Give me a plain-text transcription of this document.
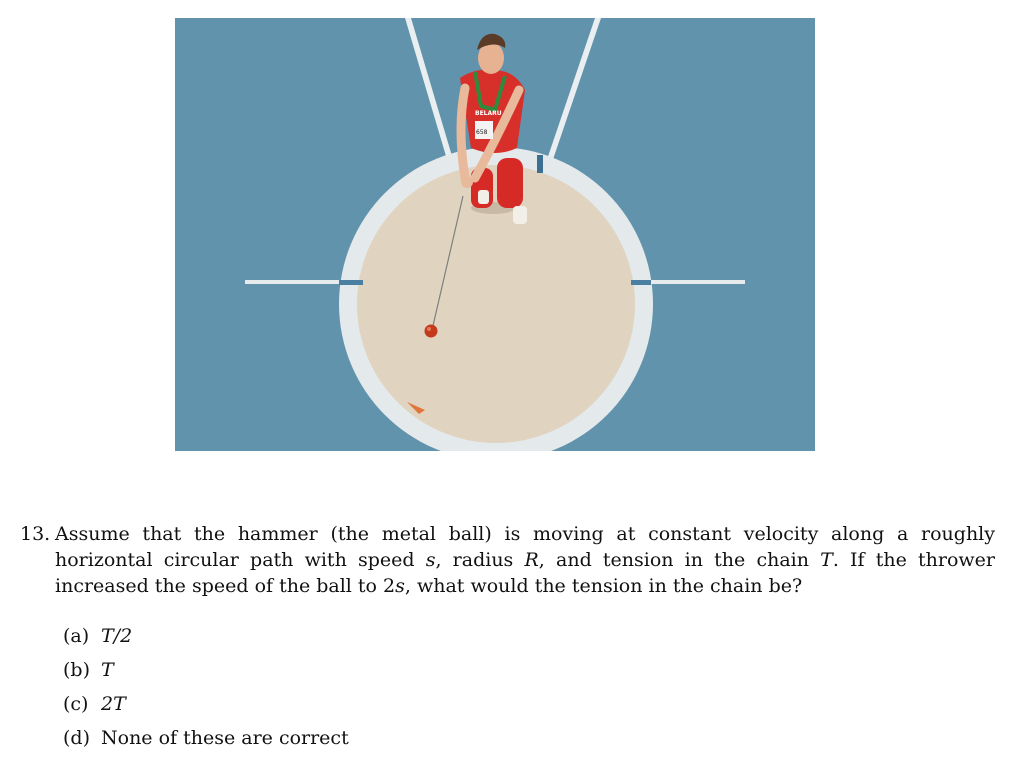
BELARU
658
13. Assume that the hammer (the metal ball) is moving at constant velocity along a roughly horizontal circular path with speed s, radius R, and tension in the chain T. If the thrower increased the speed of the ball to 2s, what would the tension in the chain be?
(a) T/2
(b) T
(c) 2T
(d) None of these are correct
